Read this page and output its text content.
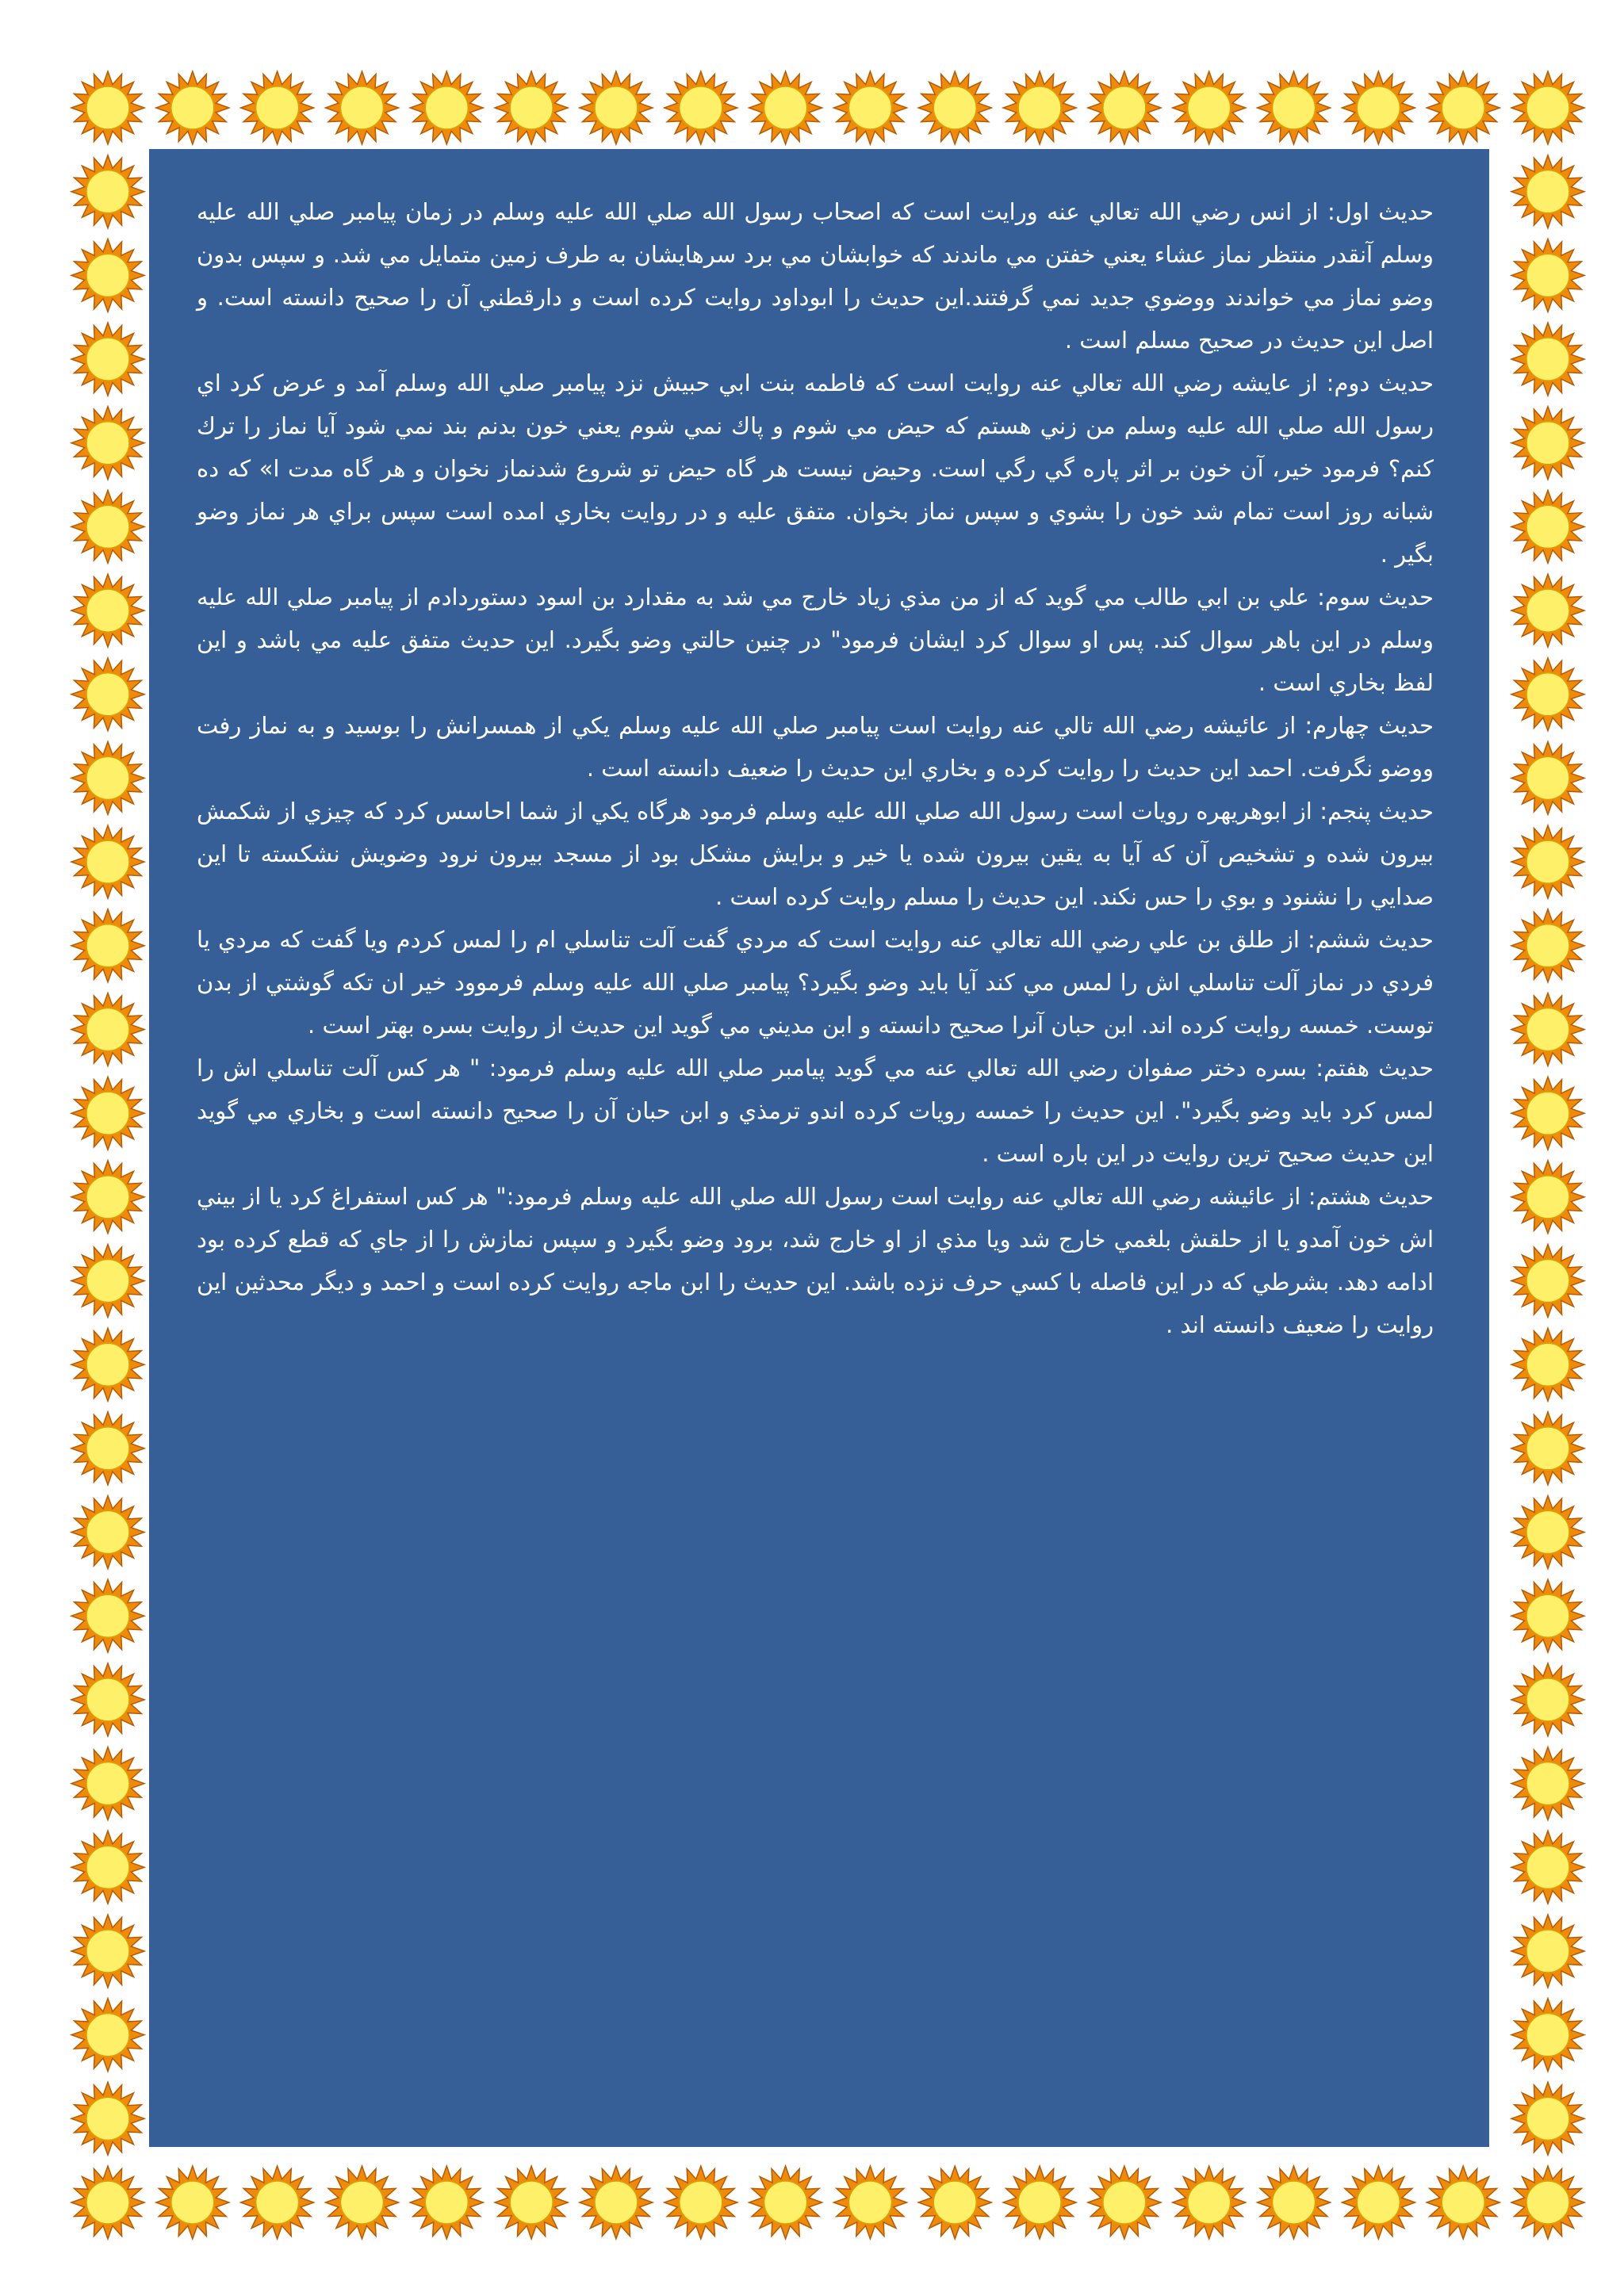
حديث اول: از انس رضي الله تعالي عنه ورايت است كه اصحاب رسول الله صلي الله عليه وسلم در زمان پيامبر صلي الله عليه وسلم آنقدر منتظر نماز عشاء يعني خفتن مي ماندند كه خوابشان مي برد سرهايشان به طرف زمين متمايل مي شد. و سپس بدون وضو نماز مي خواندند ووضوي جديد نمي گرفتند.اين حديث را ابوداود روايت كرده است و دارقطني آن را صحيح دانسته است. و اصل اين حديث در صحيح مسلم است .

حديث دوم: از عايشه رضي الله تعالي عنه روايت است كه فاطمه بنت ابي حبيش نزد پيامبر صلي الله وسلم آمد و عرض كرد اي رسول الله صلي الله عليه وسلم من زني هستم كه حيض مي شوم و پاك نمي شوم يعني خون بدنم بند نمي شود آيا نماز را ترك كنم؟ فرمود خير، آن خون بر اثر پاره گي رگي است. وحيض نيست هر گاه حيض تو شروع شدنماز نخوان و هر گاه مدت ا» كه ده شبانه روز است تمام شد خون را بشوي و سپس نماز بخوان. متفق عليه و در روايت بخاري امده است سپس براي هر نماز وضو بگير .

حديث سوم: علي بن ابي طالب مي گويد كه از من مذي زياد خارج مي شد به مقدارد بن اسود دستوردادم از پيامبر صلي الله عليه وسلم در اين باهر سوال كند. پس او سوال كرد ايشان فرمود" در چنين حالتي وضو بگيرد. اين حديث متفق عليه مي باشد و اين لفظ بخاري است .

حديث چهارم: از عائيشه رضي الله تالي عنه روايت است پيامبر صلي الله عليه وسلم يكي از همسرانش را بوسيد و به نماز رفت ووضو نگرفت. احمد اين حديث را روايت كرده و بخاري اين حديث را ضعيف دانسته است .

حديث پنجم: از ابوهريهره رويات است رسول الله صلي الله عليه وسلم فرمود هرگاه يكي از شما احاسس كرد كه چيزي از شكمش بيرون شده و تشخيص آن كه آيا به يقين بيرون شده يا خير و برايش مشكل بود از مسجد بيرون نرود وضويش نشكسته تا اين صدايي را نشنود و بوي را حس نكند. اين حديث را مسلم روايت كرده است .

حديث ششم: از طلق بن علي رضي الله تعالي عنه روايت است كه مردي گفت آلت تناسلي ام را لمس كردم ويا گفت كه مردي يا فردي در نماز آلت تناسلي اش را لمس مي كند آيا بايد وضو بگيرد؟ پيامبر صلي الله عليه وسلم فرموود خير ان تكه گوشتي از بدن توست. خمسه روايت كرده اند. ابن حبان آنرا صحيح دانسته و ابن مديني مي گويد اين حديث از روايت بسره بهتر است .

حديث هفتم: بسره دختر صفوان رضي الله تعالي عنه مي گويد پيامبر صلي الله عليه وسلم فرمود: " هر كس آلت تناسلي اش را لمس كرد بايد وضو بگيرد". اين حديث را خمسه رويات كرده اندو ترمذي و ابن حبان آن را صحيح دانسته است و بخاري مي گويد اين حديث صحيح ترين روايت در اين باره است .

حديث هشتم: از عائيشه رضي الله تعالي عنه روايت است رسول الله صلي الله عليه وسلم فرمود:" هر كس استفراغ كرد يا از بيني اش خون آمدو يا از حلقش بلغمي خارج شد ويا مذي از او خارج شد، برود وضو بگيرد و سپس نمازش را از جاي كه قطع كرده بود ادامه دهد. بشرطي كه در اين فاصله با كسي حرف نزده باشد. اين حديث را ابن ماجه روايت كرده است و احمد و ديگر محدثين اين روايت را ضعيف دانسته اند .
